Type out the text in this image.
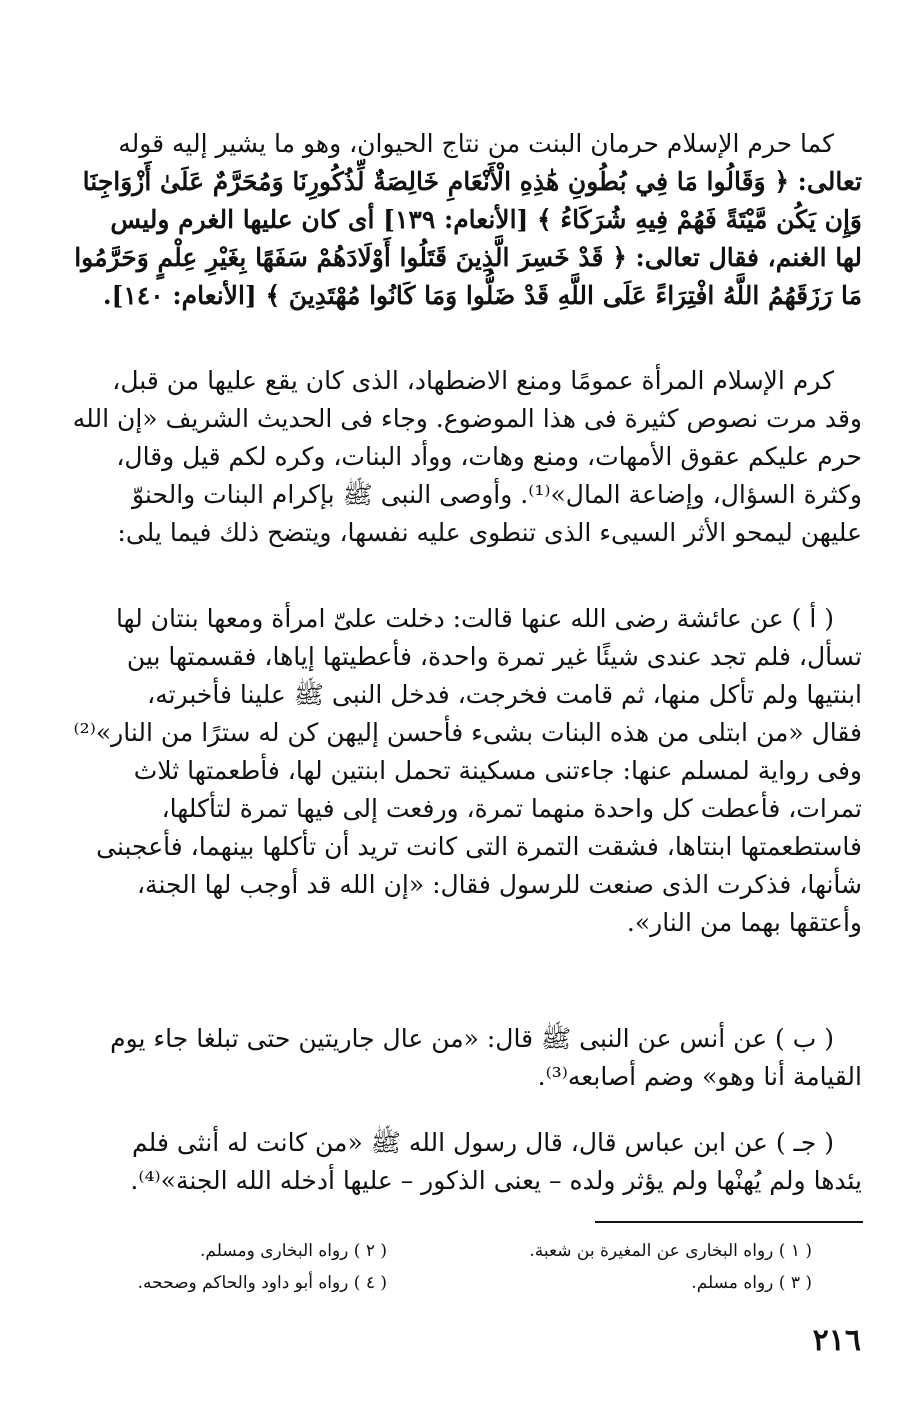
كما حرم الإسلام حرمان البنت من نتاج الحيوان، وهو ما يشير إليه قوله

تعالى: ﴿ وَقَالُوا مَا فِي بُطُونِ هَٰذِهِ الْأَنْعَامِ خَالِصَةٌ لِّذُكُورِنَا وَمُحَرَّمٌ عَلَىٰ أَزْوَاجِنَا

وَإِن يَكُن مَّيْتَةً فَهُمْ فِيهِ شُرَكَاءُ ﴾ [الأنعام: ١٣٩] أى كان عليها الغرم وليس

لها الغنم، فقال تعالى: ﴿ قَدْ خَسِرَ الَّذِينَ قَتَلُوا أَوْلَادَهُمْ سَفَهًا بِغَيْرِ عِلْمٍ وَحَرَّمُوا

مَا رَزَقَهُمُ اللَّهُ افْتِرَاءً عَلَى اللَّهِ قَدْ ضَلُّوا وَمَا كَانُوا مُهْتَدِينَ ﴾ [الأنعام: ١٤٠].

كرم الإسلام المرأة عمومًا ومنع الاضطهاد، الذى كان يقع عليها من قبل،

وقد مرت نصوص كثيرة فى هذا الموضوع. وجاء فى الحديث الشريف «إن الله

حرم عليكم عقوق الأمهات، ومنع وهات، ووأد البنات، وكره لكم قيل وقال،

وكثرة السؤال، وإضاعة المال»⁽¹⁾. وأوصى النبى ﷺ بإكرام البنات والحنوّ

عليهن ليمحو الأثر السيىء الذى تنطوى عليه نفسها، ويتضح ذلك فيما يلى:

( أ ) عن عائشة رضى الله عنها قالت: دخلت علىّ امرأة ومعها بنتان لها

تسأل، فلم تجد عندى شيئًا غير تمرة واحدة، فأعطيتها إياها، فقسمتها بين

ابنتيها ولم تأكل منها، ثم قامت فخرجت، فدخل النبى ﷺ علينا فأخبرته،

فقال «من ابتلى من هذه البنات بشىء فأحسن إليهن كن له سترًا من النار»⁽²⁾

وفى رواية لمسلم عنها: جاءتنى مسكينة تحمل ابنتين لها، فأطعمتها ثلاث

تمرات، فأعطت كل واحدة منهما تمرة، ورفعت إلى فيها تمرة لتأكلها،

فاستطعمتها ابنتاها، فشقت التمرة التى كانت تريد أن تأكلها بينهما، فأعجبنى

شأنها، فذكرت الذى صنعت للرسول فقال: «إن الله قد أوجب لها الجنة،

وأعتقها بهما من النار».

( ب ) عن أنس عن النبى ﷺ قال: «من عال جاريتين حتى تبلغا جاء يوم

القيامة أنا وهو» وضم أصابعه⁽³⁾.

( جـ ) عن ابن عباس قال، قال رسول الله ﷺ «من كانت له أنثى فلم

يئدها ولم يُهنْها ولم يؤثر ولده – يعنى الذكور – عليها أدخله الله الجنة»⁽⁴⁾.

( ١ ) رواه البخارى عن المغيرة بن شعبة.
( ٢ ) رواه البخارى ومسلم.
( ٣ ) رواه مسلم.
( ٤ ) رواه أبو داود والحاكم وصححه.
٢١٦
